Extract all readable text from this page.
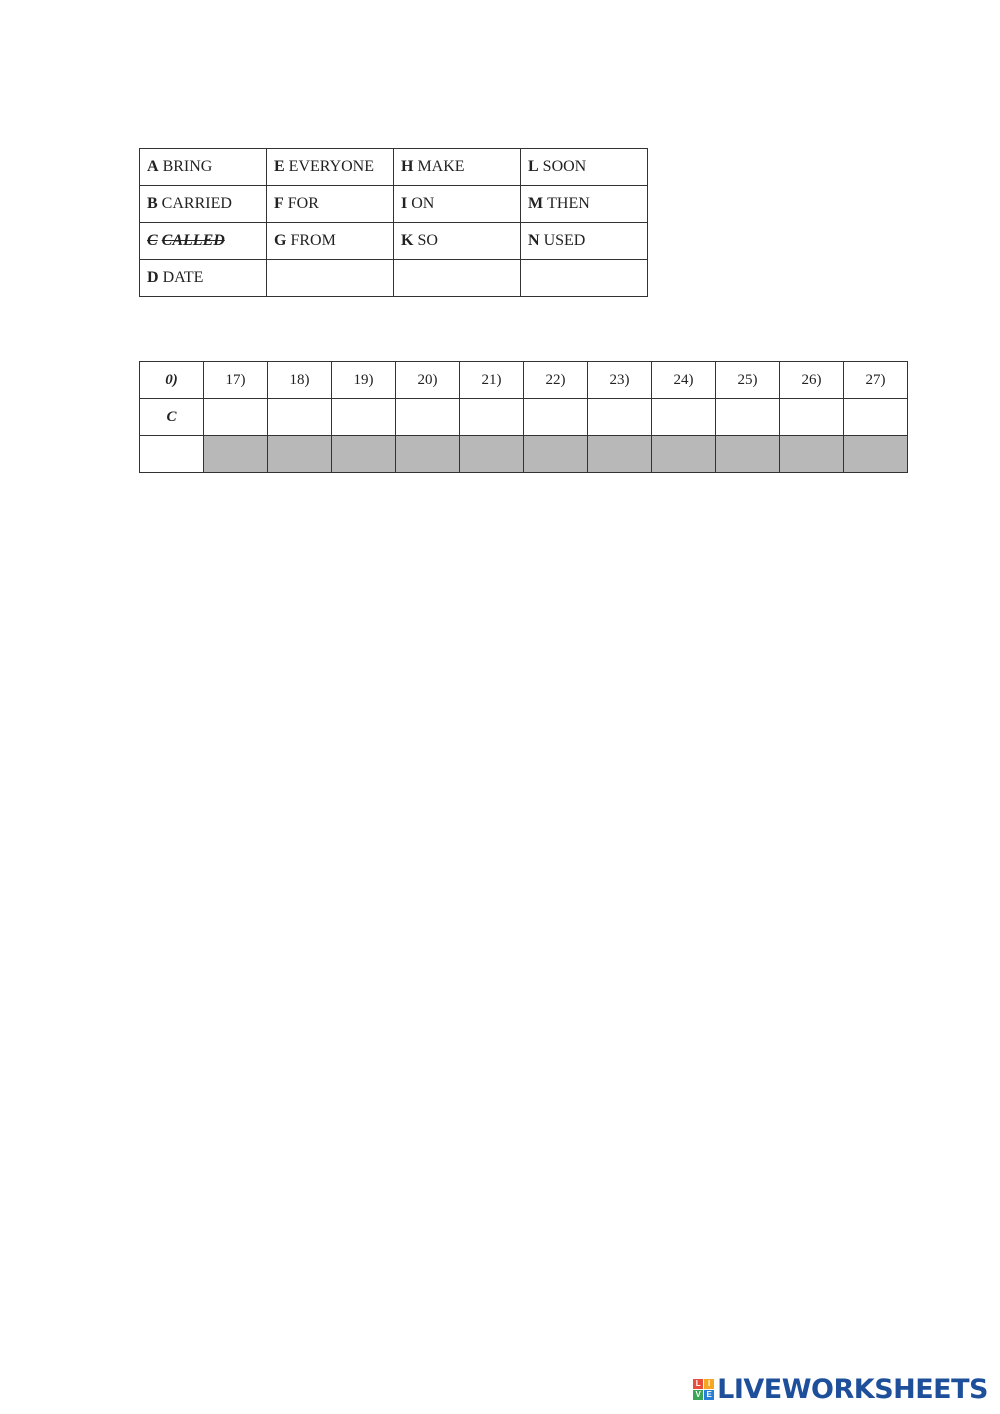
A BRING	E EVERYONE	H MAKE	L SOON
B CARRIED	F FOR	I ON	M THEN
C CALLED	G FROM	K SO	N USED
D DATE			
0)	17)	18)	19)	20)	21)	22)	23)	24)	25)	26)	27)
C											

L I
V E LIVEWORKSHEETS
